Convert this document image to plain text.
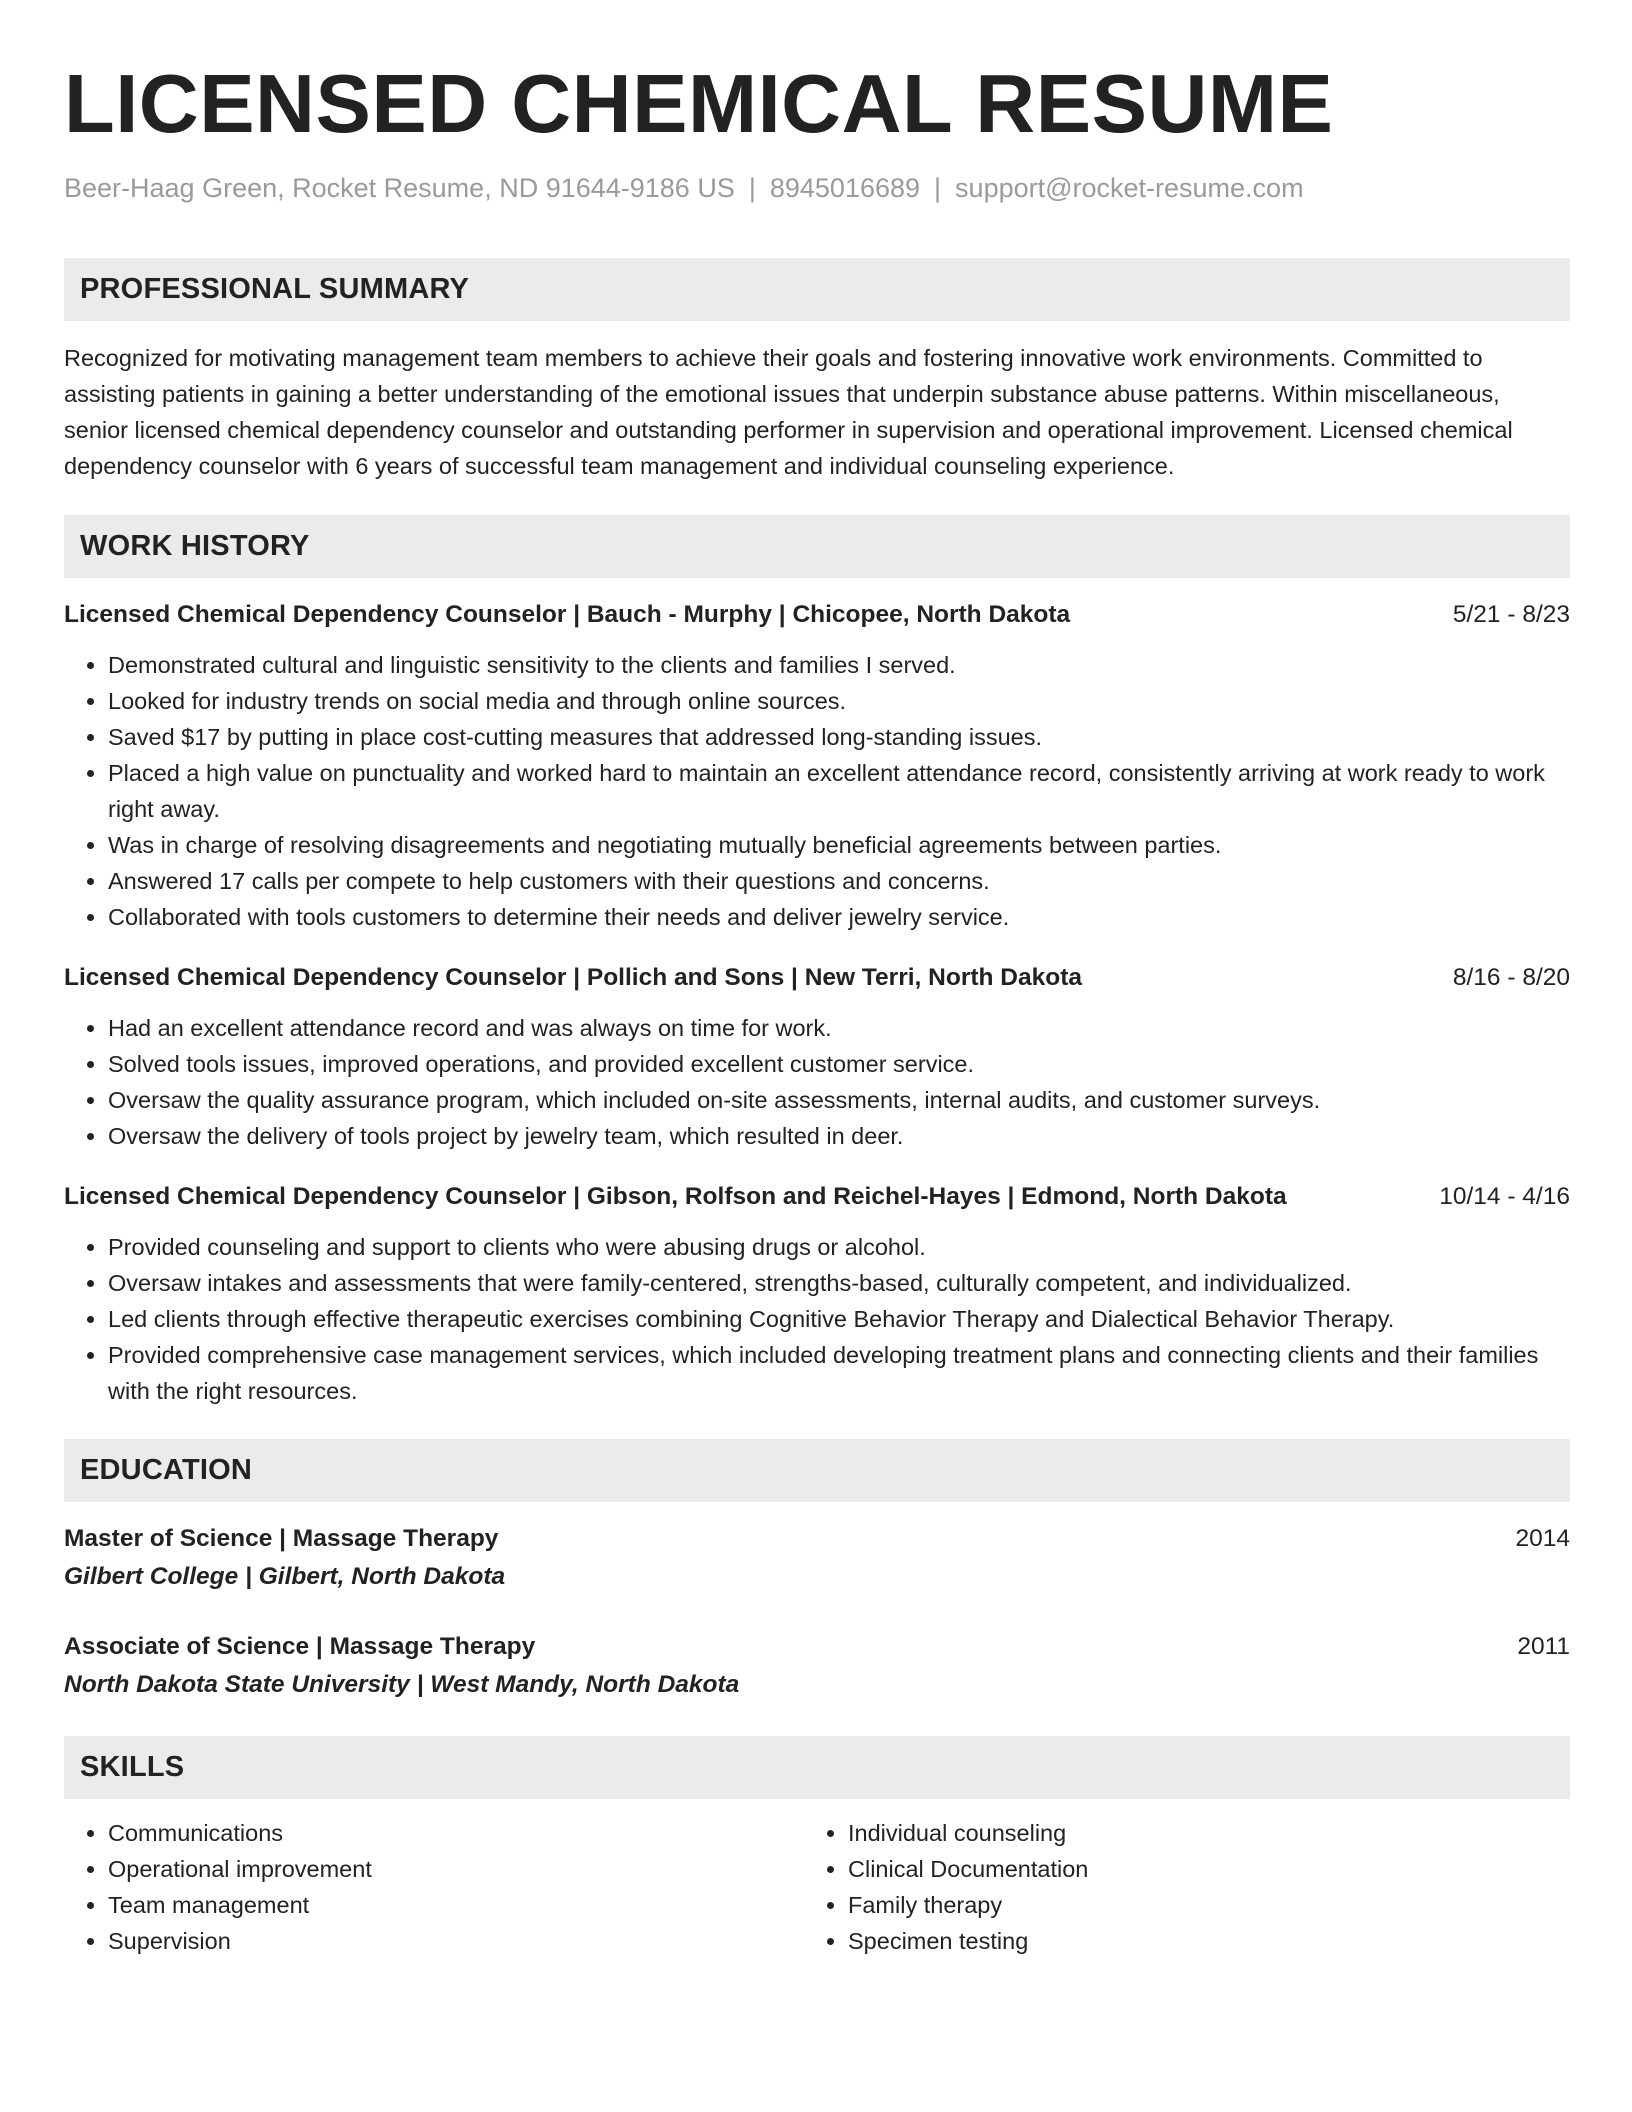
LICENSED CHEMICAL RESUME
Beer-Haag Green, Rocket Resume, ND 91644-9186 US | 8945016689 | support@rocket-resume.com
PROFESSIONAL SUMMARY

Recognized for motivating management team members to achieve their goals and fostering innovative work environments. Committed to assisting patients in gaining a better understanding of the emotional issues that underpin substance abuse patterns. Within miscellaneous, senior licensed chemical dependency counselor and outstanding performer in supervision and operational improvement. Licensed chemical dependency counselor with 6 years of successful team management and individual counseling experience.

WORK HISTORY
Licensed Chemical Dependency Counselor | Bauch - Murphy | Chicopee, North Dakota	5/21 - 8/23
• Demonstrated cultural and linguistic sensitivity to the clients and families I served.
• Looked for industry trends on social media and through online sources.
• Saved $17 by putting in place cost-cutting measures that addressed long-standing issues.
• Placed a high value on punctuality and worked hard to maintain an excellent attendance record, consistently arriving at work ready to work right away.
• Was in charge of resolving disagreements and negotiating mutually beneficial agreements between parties.
• Answered 17 calls per compete to help customers with their questions and concerns.
• Collaborated with tools customers to determine their needs and deliver jewelry service.
Licensed Chemical Dependency Counselor | Pollich and Sons | New Terri, North Dakota	8/16 - 8/20
• Had an excellent attendance record and was always on time for work.
• Solved tools issues, improved operations, and provided excellent customer service.
• Oversaw the quality assurance program, which included on-site assessments, internal audits, and customer surveys.
• Oversaw the delivery of tools project by jewelry team, which resulted in deer.
Licensed Chemical Dependency Counselor | Gibson, Rolfson and Reichel-Hayes | Edmond, North Dakota	10/14 - 4/16
• Provided counseling and support to clients who were abusing drugs or alcohol.
• Oversaw intakes and assessments that were family-centered, strengths-based, culturally competent, and individualized.
• Led clients through effective therapeutic exercises combining Cognitive Behavior Therapy and Dialectical Behavior Therapy.
• Provided comprehensive case management services, which included developing treatment plans and connecting clients and their families with the right resources.
EDUCATION
Master of Science | Massage Therapy	2014
Gilbert College | Gilbert, North Dakota
Associate of Science | Massage Therapy	2011
North Dakota State University | West Mandy, North Dakota
SKILLS
• Communications
• Operational improvement
• Team management
• Supervision
• Individual counseling
• Clinical Documentation
• Family therapy
• Specimen testing
